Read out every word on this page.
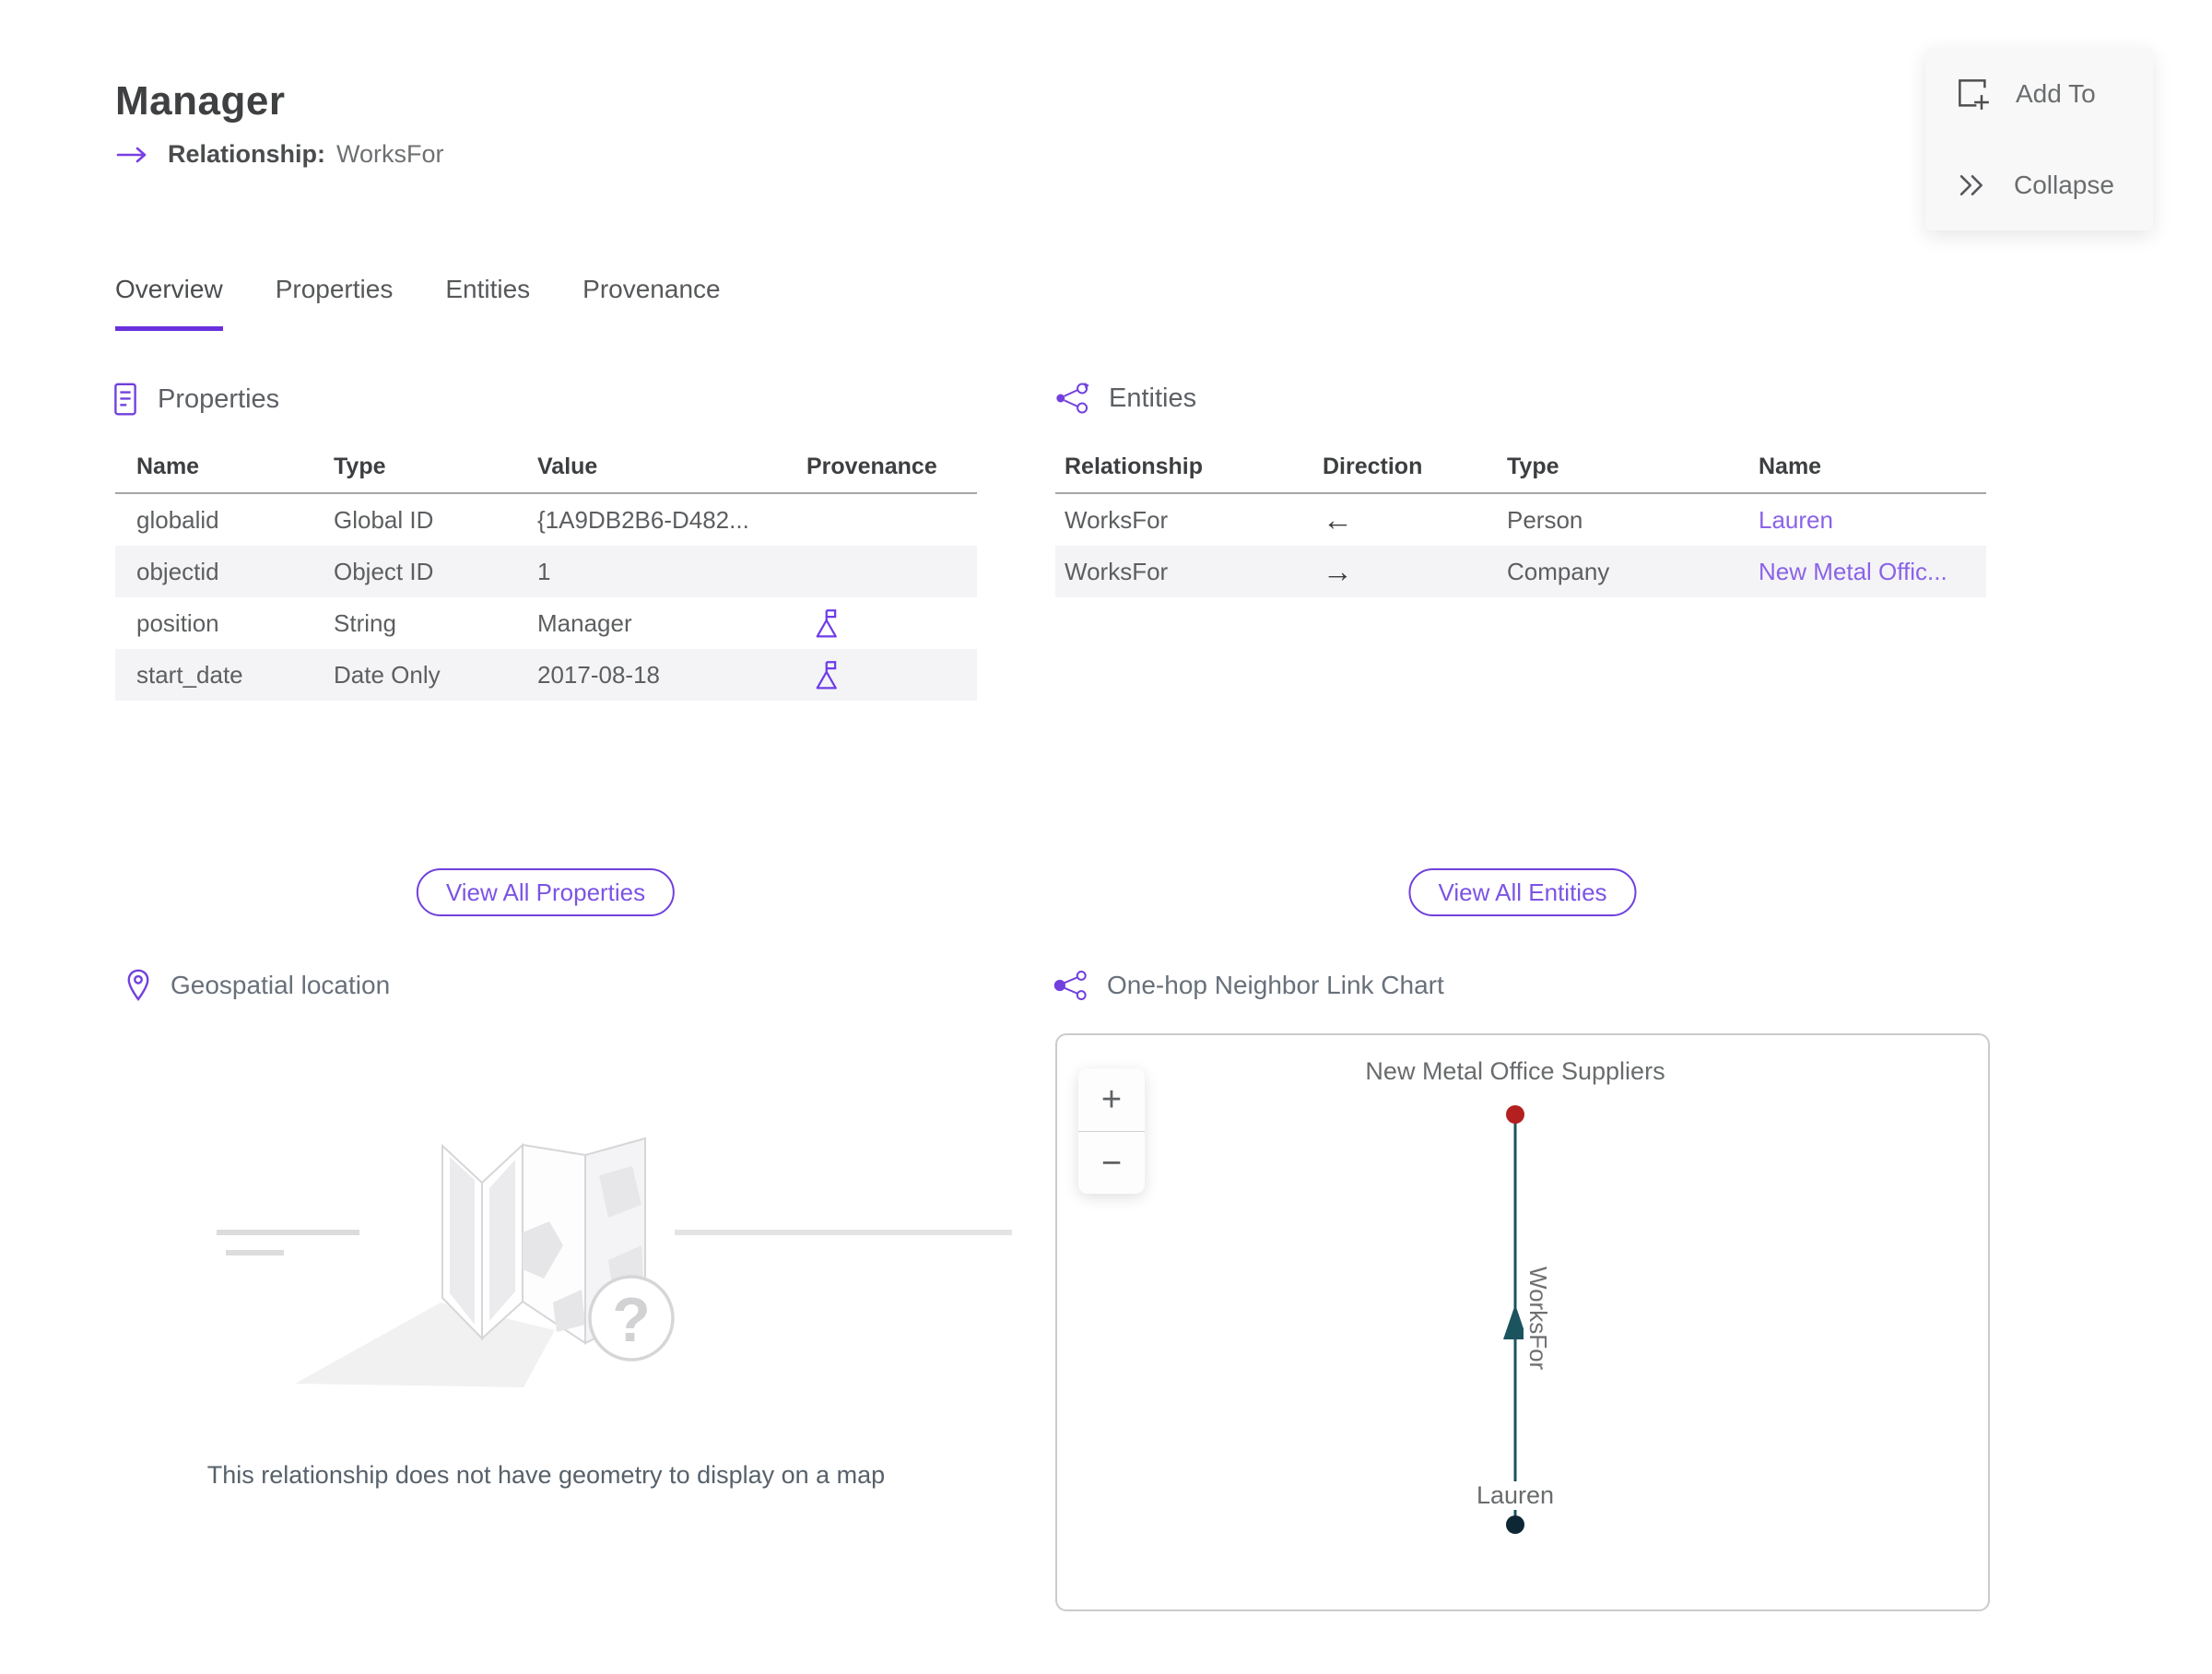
Manager
Relationship: WorksFor
Add To
Collapse
Overview Properties Entities Provenance
Properties
Name	Type	Value	Provenance
globalid	Global ID	{1A9DB2B6-D482...
objectid	Object ID	1
position	String	Manager
start_date	Date Only	2017-08-18
Entities
Relationship	Direction	Type	Name
WorksFor	←	Person	Lauren
WorksFor	→	Company	New Metal Offic...
View All Properties	View All Entities
Geospatial location
?
This relationship does not have geometry to display on a map
One-hop Neighbor Link Chart
+
−
New Metal Office Suppliers
WorksFor
Lauren
